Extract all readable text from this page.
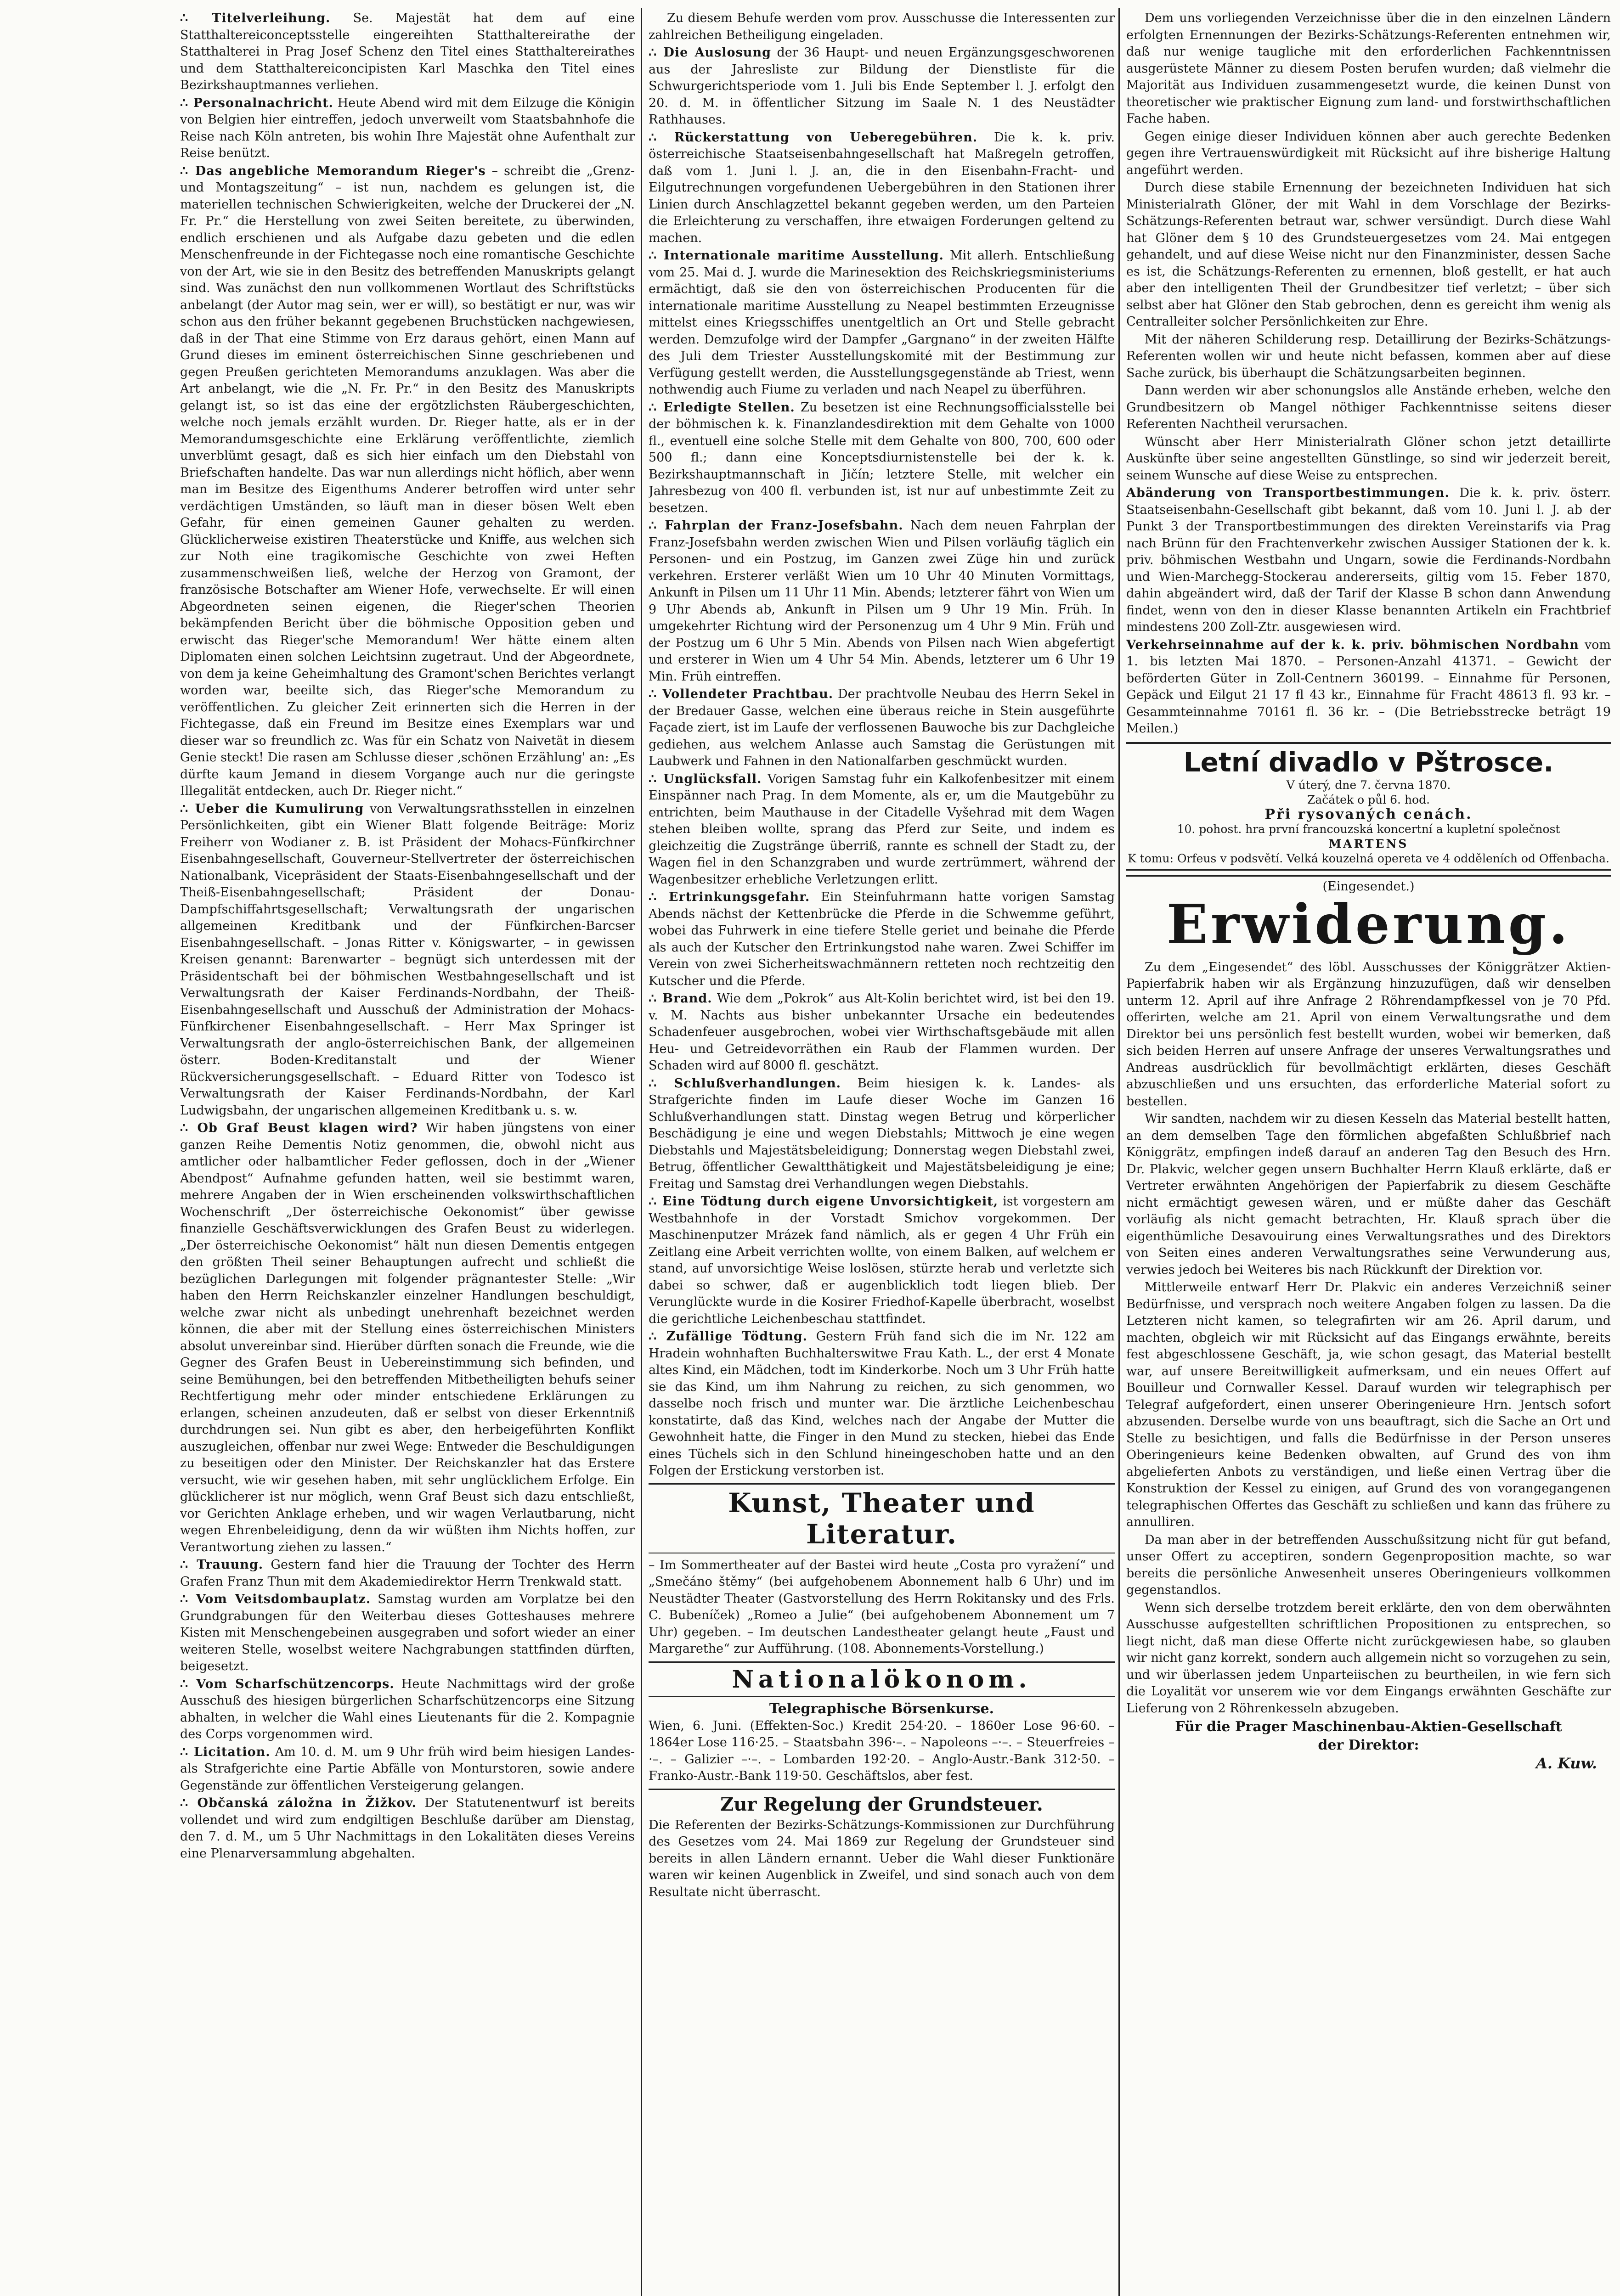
∴ Titelverleihung. Se. Majestät hat dem auf eine Statthaltereiconceptsstelle eingereihten Statthaltereirathe der Statthalterei in Prag Josef Schenz den Titel eines Statthaltereirathes und dem Statthaltereiconcipisten Karl Maschka den Titel eines Bezirkshauptmannes verliehen.

∴ Personalnachricht. Heute Abend wird mit dem Eilzuge die Königin von Belgien hier eintreffen, jedoch unverweilt vom Staatsbahnhofe die Reise nach Köln antreten, bis wohin Ihre Majestät ohne Aufenthalt zur Reise benützt.

∴ Das angebliche Memorandum Rieger's – schreibt die „Grenz- und Montagszeitung“ – ist nun, nachdem es gelungen ist, die materiellen technischen Schwierigkeiten, welche der Druckerei der „N. Fr. Pr.“ die Herstellung von zwei Seiten bereitete, zu überwinden, endlich erschienen und als Aufgabe dazu gebeten und die edlen Menschenfreunde in der Fichtegasse noch eine romantische Geschichte von der Art, wie sie in den Besitz des betreffenden Manuskripts gelangt sind. Was zunächst den nun vollkommenen Wortlaut des Schriftstücks anbelangt (der Autor mag sein, wer er will), so bestätigt er nur, was wir schon aus den früher bekannt gegebenen Bruchstücken nachgewiesen, daß in der That eine Stimme von Erz daraus gehört, einen Mann auf Grund dieses im eminent österreichischen Sinne geschriebenen und gegen Preußen gerichteten Memorandums anzuklagen. Was aber die Art anbelangt, wie die „N. Fr. Pr.“ in den Besitz des Manuskripts gelangt ist, so ist das eine der ergötzlichsten Räubergeschichten, welche noch jemals erzählt wurden. Dr. Rieger hatte, als er in der Memorandumsgeschichte eine Erklärung veröffentlichte, ziemlich unverblümt gesagt, daß es sich hier einfach um den Diebstahl von Briefschaften handelte. Das war nun allerdings nicht höflich, aber wenn man im Besitze des Eigenthums Anderer betroffen wird unter sehr verdächtigen Umständen, so läuft man in dieser bösen Welt eben Gefahr, für einen gemeinen Gauner gehalten zu werden. Glücklicherweise existiren Theaterstücke und Kniffe, aus welchen sich zur Noth eine tragikomische Geschichte von zwei Heften zusammenschweißen ließ, welche der Herzog von Gramont, der französische Botschafter am Wiener Hofe, verwechselte. Er will einen Abgeordneten seinen eigenen, die Rieger'schen Theorien bekämpfenden Bericht über die böhmische Opposition geben und erwischt das Rieger'sche Memorandum! Wer hätte einem alten Diplomaten einen solchen Leichtsinn zugetraut. Und der Abgeordnete, von dem ja keine Geheimhaltung des Gramont'schen Berichtes verlangt worden war, beeilte sich, das Rieger'sche Memorandum zu veröffentlichen. Zu gleicher Zeit erinnerten sich die Herren in der Fichtegasse, daß ein Freund im Besitze eines Exemplars war und dieser war so freundlich zc. Was für ein Schatz von Naivetät in diesem Genie steckt! Die rasen am Schlusse dieser ‚schönen Erzählung' an: „Es dürfte kaum Jemand in diesem Vorgange auch nur die geringste Illegalität entdecken, auch Dr. Rieger nicht.“

∴ Ueber die Kumulirung von Verwaltungsrathsstellen in einzelnen Persönlichkeiten, gibt ein Wiener Blatt folgende Beiträge: Moriz Freiherr von Wodianer z. B. ist Präsident der Mohacs-Fünfkirchner Eisenbahngesellschaft, Gouverneur-Stellvertreter der österreichischen Nationalbank, Vicepräsident der Staats-Eisenbahngesellschaft und der Theiß-Eisenbahngesellschaft; Präsident der Donau-Dampfschiffahrtsgesellschaft; Verwaltungsrath der ungarischen allgemeinen Kreditbank und der Fünfkirchen-Barcser Eisenbahngesellschaft. – Jonas Ritter v. Königswarter, – in gewissen Kreisen genannt: Barenwarter – begnügt sich unterdessen mit der Präsidentschaft bei der böhmischen Westbahngesellschaft und ist Verwaltungsrath der Kaiser Ferdinands-Nordbahn, der Theiß-Eisenbahngesellschaft und Ausschuß der Administration der Mohacs-Fünfkirchener Eisenbahngesellschaft. – Herr Max Springer ist Verwaltungsrath der anglo-österreichischen Bank, der allgemeinen österr. Boden-Kreditanstalt und der Wiener Rückversicherungsgesellschaft. – Eduard Ritter von Todesco ist Verwaltungsrath der Kaiser Ferdinands-Nordbahn, der Karl Ludwigsbahn, der ungarischen allgemeinen Kreditbank u. s. w.

∴ Ob Graf Beust klagen wird? Wir haben jüngstens von einer ganzen Reihe Dementis Notiz genommen, die, obwohl nicht aus amtlicher oder halbamtlicher Feder geflossen, doch in der „Wiener Abendpost“ Aufnahme gefunden hatten, weil sie bestimmt waren, mehrere Angaben der in Wien erscheinenden volkswirthschaftlichen Wochenschrift „Der österreichische Oekonomist“ über gewisse finanzielle Geschäftsverwicklungen des Grafen Beust zu widerlegen. „Der österreichische Oekonomist“ hält nun diesen Dementis entgegen den größten Theil seiner Behauptungen aufrecht und schließt die bezüglichen Darlegungen mit folgender prägnantester Stelle: „Wir haben den Herrn Reichskanzler einzelner Handlungen beschuldigt, welche zwar nicht als unbedingt unehrenhaft bezeichnet werden können, die aber mit der Stellung eines österreichischen Ministers absolut unvereinbar sind. Hierüber dürften sonach die Freunde, wie die Gegner des Grafen Beust in Uebereinstimmung sich befinden, und seine Bemühungen, bei den betreffenden Mitbetheiligten behufs seiner Rechtfertigung mehr oder minder entschiedene Erklärungen zu erlangen, scheinen anzudeuten, daß er selbst von dieser Erkenntniß durchdrungen sei. Nun gibt es aber, den herbeigeführten Konflikt auszugleichen, offenbar nur zwei Wege: Entweder die Beschuldigungen zu beseitigen oder den Minister. Der Reichskanzler hat das Erstere versucht, wie wir gesehen haben, mit sehr unglücklichem Erfolge. Ein glücklicherer ist nur möglich, wenn Graf Beust sich dazu entschließt, vor Gerichten Anklage erheben, und wir wagen Verlautbarung, nicht wegen Ehrenbeleidigung, denn da wir wüßten ihm Nichts hoffen, zur Verantwortung ziehen zu lassen.“

∴ Trauung. Gestern fand hier die Trauung der Tochter des Herrn Grafen Franz Thun mit dem Akademiedirektor Herrn Trenkwald statt.

∴ Vom Veitsdombauplatz. Samstag wurden am Vorplatze bei den Grundgrabungen für den Weiterbau dieses Gotteshauses mehrere Kisten mit Menschengebeinen ausgegraben und sofort wieder an einer weiteren Stelle, woselbst weitere Nachgrabungen stattfinden dürften, beigesetzt.

∴ Vom Scharfschützencorps. Heute Nachmittags wird der große Ausschuß des hiesigen bürgerlichen Scharfschützencorps eine Sitzung abhalten, in welcher die Wahl eines Lieutenants für die 2. Kompagnie des Corps vorgenommen wird.

∴ Licitation. Am 10. d. M. um 9 Uhr früh wird beim hiesigen Landes- als Strafgerichte eine Partie Abfälle von Monturstoren, sowie andere Gegenstände zur öffentlichen Versteigerung gelangen.

∴ Občanská záložna in Žižkov. Der Statutenentwurf ist bereits vollendet und wird zum endgiltigen Beschluße darüber am Dienstag, den 7. d. M., um 5 Uhr Nachmittags in den Lokalitäten dieses Vereins eine Plenarversammlung abgehalten.

Zu diesem Behufe werden vom prov. Ausschusse die Interessenten zur zahlreichen Betheiligung eingeladen.

∴ Die Auslosung der 36 Haupt- und neuen Ergänzungsgeschworenen aus der Jahresliste zur Bildung der Dienstliste für die Schwurgerichtsperiode vom 1. Juli bis Ende September l. J. erfolgt den 20. d. M. in öffentlicher Sitzung im Saale N. 1 des Neustädter Rathhauses.

∴ Rückerstattung von Ueberegebühren. Die k. k. priv. österreichische Staatseisenbahngesellschaft hat Maßregeln getroffen, daß vom 1. Juni l. J. an, die in den Eisenbahn-Fracht- und Eilgutrechnungen vorgefundenen Uebergebühren in den Stationen ihrer Linien durch Anschlagzettel bekannt gegeben werden, um den Parteien die Erleichterung zu verschaffen, ihre etwaigen Forderungen geltend zu machen.

∴ Internationale maritime Ausstellung. Mit allerh. Entschließung vom 25. Mai d. J. wurde die Marinesektion des Reichskriegsministeriums ermächtigt, daß sie den von österreichischen Producenten für die internationale maritime Ausstellung zu Neapel bestimmten Erzeugnisse mittelst eines Kriegsschiffes unentgeltlich an Ort und Stelle gebracht werden. Demzufolge wird der Dampfer „Gargnano“ in der zweiten Hälfte des Juli dem Triester Ausstellungskomité mit der Bestimmung zur Verfügung gestellt werden, die Ausstellungsgegenstände ab Triest, wenn nothwendig auch Fiume zu verladen und nach Neapel zu überführen.

∴ Erledigte Stellen. Zu besetzen ist eine Rechnungsofficialsstelle bei der böhmischen k. k. Finanzlandesdirektion mit dem Gehalte von 1000 fl., eventuell eine solche Stelle mit dem Gehalte von 800, 700, 600 oder 500 fl.; dann eine Konceptsdiurnistenstelle bei der k. k. Bezirkshauptmannschaft in Jičín; letztere Stelle, mit welcher ein Jahresbezug von 400 fl. verbunden ist, ist nur auf unbestimmte Zeit zu besetzen.

∴ Fahrplan der Franz-Josefsbahn. Nach dem neuen Fahrplan der Franz-Josefsbahn werden zwischen Wien und Pilsen vorläufig täglich ein Personen- und ein Postzug, im Ganzen zwei Züge hin und zurück verkehren. Ersterer verläßt Wien um 10 Uhr 40 Minuten Vormittags, Ankunft in Pilsen um 11 Uhr 11 Min. Abends; letzterer fährt von Wien um 9 Uhr Abends ab, Ankunft in Pilsen um 9 Uhr 19 Min. Früh. In umgekehrter Richtung wird der Personenzug um 4 Uhr 9 Min. Früh und der Postzug um 6 Uhr 5 Min. Abends von Pilsen nach Wien abgefertigt und ersterer in Wien um 4 Uhr 54 Min. Abends, letzterer um 6 Uhr 19 Min. Früh eintreffen.

∴ Vollendeter Prachtbau. Der prachtvolle Neubau des Herrn Sekel in der Bredauer Gasse, welchen eine überaus reiche in Stein ausgeführte Façade ziert, ist im Laufe der verflossenen Bauwoche bis zur Dachgleiche gediehen, aus welchem Anlasse auch Samstag die Gerüstungen mit Laubwerk und Fahnen in den Nationalfarben geschmückt wurden.

∴ Unglücksfall. Vorigen Samstag fuhr ein Kalkofenbesitzer mit einem Einspänner nach Prag. In dem Momente, als er, um die Mautgebühr zu entrichten, beim Mauthause in der Citadelle Vyšehrad mit dem Wagen stehen bleiben wollte, sprang das Pferd zur Seite, und indem es gleichzeitig die Zugstränge überriß, rannte es schnell der Stadt zu, der Wagen fiel in den Schanzgraben und wurde zertrümmert, während der Wagenbesitzer erhebliche Verletzungen erlitt.

∴ Ertrinkungsgefahr. Ein Steinfuhrmann hatte vorigen Samstag Abends nächst der Kettenbrücke die Pferde in die Schwemme geführt, wobei das Fuhrwerk in eine tiefere Stelle geriet und beinahe die Pferde als auch der Kutscher den Ertrinkungstod nahe waren. Zwei Schiffer im Verein von zwei Sicherheitswachmännern retteten noch rechtzeitig den Kutscher und die Pferde.

∴ Brand. Wie dem „Pokrok“ aus Alt-Kolin berichtet wird, ist bei den 19. v. M. Nachts aus bisher unbekannter Ursache ein bedeutendes Schadenfeuer ausgebrochen, wobei vier Wirthschaftsgebäude mit allen Heu- und Getreidevorräthen ein Raub der Flammen wurden. Der Schaden wird auf 8000 fl. geschätzt.

∴ Schlußverhandlungen. Beim hiesigen k. k. Landes- als Strafgerichte finden im Laufe dieser Woche im Ganzen 16 Schlußverhandlungen statt. Dinstag wegen Betrug und körperlicher Beschädigung je eine und wegen Diebstahls; Mittwoch je eine wegen Diebstahls und Majestätsbeleidigung; Donnerstag wegen Diebstahl zwei, Betrug, öffentlicher Gewaltthätigkeit und Majestätsbeleidigung je eine; Freitag und Samstag drei Verhandlungen wegen Diebstahls.

∴ Eine Tödtung durch eigene Unvorsichtigkeit, ist vorgestern am Westbahnhofe in der Vorstadt Smichov vorgekommen. Der Maschinenputzer Mrázek fand nämlich, als er gegen 4 Uhr Früh ein Zeitlang eine Arbeit verrichten wollte, von einem Balken, auf welchem er stand, auf unvorsichtige Weise loslösen, stürzte herab und verletzte sich dabei so schwer, daß er augenblicklich todt liegen blieb. Der Verunglückte wurde in die Kosirer Friedhof-Kapelle überbracht, woselbst die gerichtliche Leichenbeschau stattfindet.

∴ Zufällige Tödtung. Gestern Früh fand sich die im Nr. 122 am Hradein wohnhaften Buchhalterswitwe Frau Kath. L., der erst 4 Monate altes Kind, ein Mädchen, todt im Kinderkorbe. Noch um 3 Uhr Früh hatte sie das Kind, um ihm Nahrung zu reichen, zu sich genommen, wo dasselbe noch frisch und munter war. Die ärztliche Leichenbeschau konstatirte, daß das Kind, welches nach der Angabe der Mutter die Gewohnheit hatte, die Finger in den Mund zu stecken, hiebei das Ende eines Tüchels sich in den Schlund hineingeschoben hatte und an den Folgen der Erstickung verstorben ist.

Kunst, Theater und Literatur.

– Im Sommertheater auf der Bastei wird heute „Costa pro vyražení“ und „Smečáno štěmy“ (bei aufgehobenem Abonnement halb 6 Uhr) und im Neustädter Theater (Gastvorstellung des Herrn Rokitansky und des Frls. C. Bubeníček) „Romeo a Julie“ (bei aufgehobenem Abonnement um 7 Uhr) gegeben. – Im deutschen Landestheater gelangt heute „Faust und Margarethe“ zur Aufführung. (108. Abonnements-Vorstellung.)

Nationalökonom.
Telegraphische Börsenkurse.

Wien, 6. Juni. (Effekten-Soc.) Kredit 254·20. – 1860er Lose 96·60. – 1864er Lose 116·25. – Staatsbahn 396·–. – Napoleons –·–. – Steuerfreies –·–. – Galizier –·–. – Lombarden 192·20. – Anglo-Austr.-Bank 312·50. – Franko-Austr.-Bank 119·50. Geschäftslos, aber fest.

Zur Regelung der Grundsteuer.

Die Referenten der Bezirks-Schätzungs-Kommissionen zur Durchführung des Gesetzes vom 24. Mai 1869 zur Regelung der Grundsteuer sind bereits in allen Ländern ernannt. Ueber die Wahl dieser Funktionäre waren wir keinen Augenblick in Zweifel, und sind sonach auch von dem Resultate nicht überrascht.

Dem uns vorliegenden Verzeichnisse über die in den einzelnen Ländern erfolgten Ernennungen der Bezirks-Schätzungs-Referenten entnehmen wir, daß nur wenige taugliche mit den erforderlichen Fachkenntnissen ausgerüstete Männer zu diesem Posten berufen wurden; daß vielmehr die Majorität aus Individuen zusammengesetzt wurde, die keinen Dunst von theoretischer wie praktischer Eignung zum land- und forstwirthschaftlichen Fache haben.

Gegen einige dieser Individuen können aber auch gerechte Bedenken gegen ihre Vertrauenswürdigkeit mit Rücksicht auf ihre bisherige Haltung angeführt werden.

Durch diese stabile Ernennung der bezeichneten Individuen hat sich Ministerialrath Glöner, der mit Wahl in dem Vorschlage der Bezirks-Schätzungs-Referenten betraut war, schwer versündigt. Durch diese Wahl hat Glöner dem § 10 des Grundsteuergesetzes vom 24. Mai entgegen gehandelt, und auf diese Weise nicht nur den Finanzminister, dessen Sache es ist, die Schätzungs-Referenten zu ernennen, bloß gestellt, er hat auch aber den intelligenten Theil der Grundbesitzer tief verletzt; – über sich selbst aber hat Glöner den Stab gebrochen, denn es gereicht ihm wenig als Centralleiter solcher Persönlichkeiten zur Ehre.

Mit der näheren Schilderung resp. Detaillirung der Bezirks-Schätzungs-Referenten wollen wir und heute nicht befassen, kommen aber auf diese Sache zurück, bis überhaupt die Schätzungsarbeiten beginnen.

Dann werden wir aber schonungslos alle Anstände erheben, welche den Grundbesitzern ob Mangel nöthiger Fachkenntnisse seitens dieser Referenten Nachtheil verursachen.

Wünscht aber Herr Ministerialrath Glöner schon jetzt detaillirte Auskünfte über seine angestellten Günstlinge, so sind wir jederzeit bereit, seinem Wunsche auf diese Weise zu entsprechen.

Abänderung von Transportbestimmungen. Die k. k. priv. österr. Staatseisenbahn-Gesellschaft gibt bekannt, daß vom 10. Juni l. J. ab der Punkt 3 der Transportbestimmungen des direkten Vereinstarifs via Prag nach Brünn für den Frachtenverkehr zwischen Aussiger Stationen der k. k. priv. böhmischen Westbahn und Ungarn, sowie die Ferdinands-Nordbahn und Wien-Marchegg-Stockerau andererseits, giltig vom 15. Feber 1870, dahin abgeändert wird, daß der Tarif der Klasse B schon dann Anwendung findet, wenn von den in dieser Klasse benannten Artikeln ein Frachtbrief mindestens 200 Zoll-Ztr. ausgewiesen wird.

Verkehrseinnahme auf der k. k. priv. böhmischen Nordbahn vom 1. bis letzten Mai 1870. – Personen-Anzahl 41371. – Gewicht der beförderten Güter in Zoll-Centnern 360199. – Einnahme für Personen, Gepäck und Eilgut 21 17 fl 43 kr., Einnahme für Fracht 48613 fl. 93 kr. – Gesammteinnahme 70161 fl. 36 kr. – (Die Betriebsstrecke beträgt 19 Meilen.)

Letní divadlo v Pštrosce.

V úterý, dne 7. června 1870.

Začátek o půl 6. hod.

Při rysovaných cenách.

10. pohost. hra první francouzská koncertní a kupletní společnost

MARTENS

K tomu: Orfeus v podsvětí. Velká kouzelná opereta ve 4 odděleních od Offenbacha.

(Eingesendet.)
Erwiderung.

Zu dem „Eingesendet“ des löbl. Ausschusses der Königgrätzer Aktien-Papierfabrik haben wir als Ergänzung hinzuzufügen, daß wir denselben unterm 12. April auf ihre Anfrage 2 Röhrendampfkessel von je 70 Pfd. offerirten, welche am 21. April von einem Verwaltungsrathe und dem Direktor bei uns persönlich fest bestellt wurden, wobei wir bemerken, daß sich beiden Herren auf unsere Anfrage der unseres Verwaltungsrathes und Andreas ausdrücklich für bevollmächtigt erklärten, dieses Geschäft abzuschließen und uns ersuchten, das erforderliche Material sofort zu bestellen.

Wir sandten, nachdem wir zu diesen Kesseln das Material bestellt hatten, an dem demselben Tage den förmlichen abgefaßten Schlußbrief nach Königgrätz, empfingen indeß darauf an anderen Tag den Besuch des Hrn. Dr. Plakvic, welcher gegen unsern Buchhalter Herrn Klauß erklärte, daß er Vertreter erwähnten Angehörigen der Papierfabrik zu diesem Geschäfte nicht ermächtigt gewesen wären, und er müßte daher das Geschäft vorläufig als nicht gemacht betrachten, Hr. Klauß sprach über die eigenthümliche Desavouirung eines Verwaltungsrathes und des Direktors von Seiten eines anderen Verwaltungsrathes seine Verwunderung aus, verwies jedoch bei Weiteres bis nach Rückkunft der Direktion vor.

Mittlerweile entwarf Herr Dr. Plakvic ein anderes Verzeichniß seiner Bedürfnisse, und versprach noch weitere Angaben folgen zu lassen. Da die Letzteren nicht kamen, so telegrafirten wir am 26. April darum, und machten, obgleich wir mit Rücksicht auf das Eingangs erwähnte, bereits fest abgeschlossene Geschäft, ja, wie schon gesagt, das Material bestellt war, auf unsere Bereitwilligkeit aufmerksam, und ein neues Offert auf Bouilleur und Cornwaller Kessel. Darauf wurden wir telegraphisch per Telegraf aufgefordert, einen unserer Oberingenieure Hrn. Jentsch sofort abzusenden. Derselbe wurde von uns beauftragt, sich die Sache an Ort und Stelle zu besichtigen, und falls die Bedürfnisse in der Person unseres Oberingenieurs keine Bedenken obwalten, auf Grund des von ihm abgelieferten Anbots zu verständigen, und ließe einen Vertrag über die Konstruktion der Kessel zu einigen, auf Grund des von vorangegangenen telegraphischen Offertes das Geschäft zu schließen und kann das frühere zu annulliren.

Da man aber in der betreffenden Ausschußsitzung nicht für gut befand, unser Offert zu acceptiren, sondern Gegenproposition machte, so war bereits die persönliche Anwesenheit unseres Oberingenieurs vollkommen gegenstandlos.

Wenn sich derselbe trotzdem bereit erklärte, den von dem oberwähnten Ausschusse aufgestellten schriftlichen Propositionen zu entsprechen, so liegt nicht, daß man diese Offerte nicht zurückgewiesen habe, so glauben wir nicht ganz korrekt, sondern auch allgemein nicht so vorzugehen zu sein, und wir überlassen jedem Unparteiischen zu beurtheilen, in wie fern sich die Loyalität vor unserem wie vor dem Eingangs erwähnten Geschäfte zur Lieferung von 2 Röhrenkesseln abzugeben.

Für die Prager Maschinenbau-Aktien-Gesellschaft

der Direktor:

A. Kuw.
